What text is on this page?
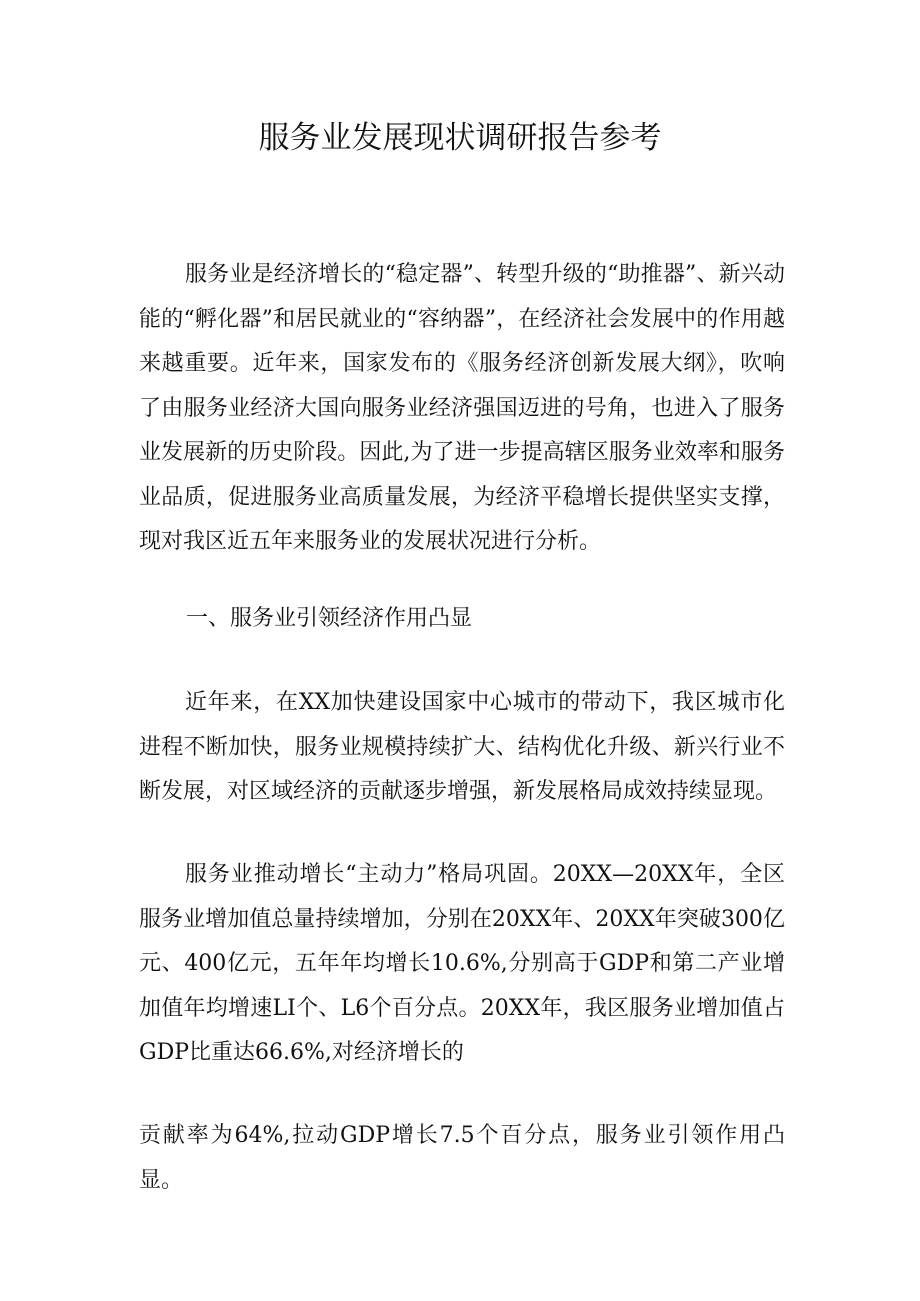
服务业发展现状调研报告参考

服务业是经济增长的“稳定器”、转型升级的“助推器”、新兴动能的“孵化器”和居民就业的“容纳器”，在经济社会发展中的作用越来越重要。近年来，国家发布的《服务经济创新发展大纲》，吹响了由服务业经济大国向服务业经济强国迈进的号角，也进入了服务业发展新的历史阶段。因此,为了进一步提高辖区服务业效率和服务业品质，促进服务业高质量发展，为经济平稳增长提供坚实支撑，现对我区近五年来服务业的发展状况进行分析。

一、服务业引领经济作用凸显

近年来，在XX加快建设国家中心城市的带动下，我区城市化进程不断加快，服务业规模持续扩大、结构优化升级、新兴行业不断发展，对区域经济的贡献逐步增强，新发展格局成效持续显现。

服务业推动增长“主动力”格局巩固。20XX—20XX年，全区服务业增加值总量持续增加，分别在20XX年、20XX年突破300亿元、400亿元，五年年均增长10.6%,分别高于GDP和第二产业增加值年均增速LI个、L6个百分点。20XX年，我区服务业增加值占GDP比重达66.6%,对经济增长的

贡献率为64%,拉动GDP增长7.5个百分点，服务业引领作用凸显。
